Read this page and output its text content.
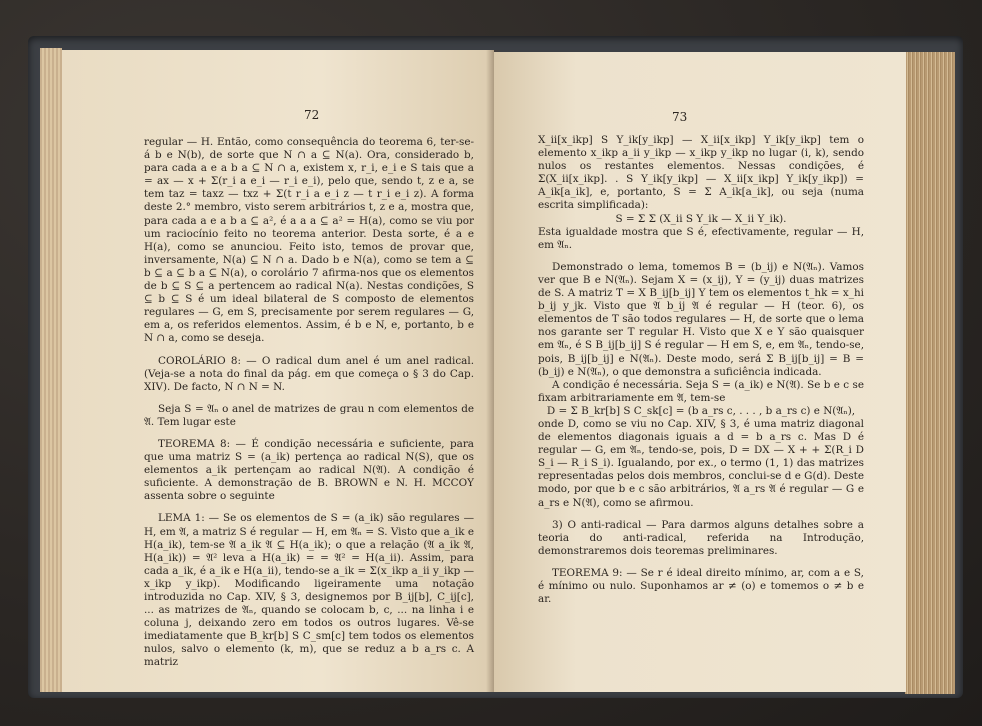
72

regular — H. Então, como consequência do teorema 6, ter-se-á b e N(b), de sorte que N ∩ a ⊆ N(a). Ora, considerado b, para cada a e a b a ⊆ N ∩ a, existem x, r_i, e_i e S tais que a = ax — x + Σ(r_i a e_i — r_i e_i), pelo que, sendo t, z e a, se tem taz = taxz — txz + Σ(t r_i a e_i z — t r_i e_i z). A forma deste 2.° membro, visto serem arbitrários t, z e a, mostra que, para cada a e a b a ⊆ a², é a a a ⊆ a² = H(a), como se viu por um raciocínio feito no teorema anterior. Desta sorte, é a e H(a), como se anunciou. Feito isto, temos de provar que, inversamente, N(a) ⊆ N ∩ a. Dado b e N(a), como se tem a ⊆ b ⊆ a ⊆ b a ⊆ N(a), o corolário 7 afirma-nos que os elementos de b ⊆ S ⊆ a pertencem ao radical N(a). Nestas condições, S ⊆ b ⊆ S é um ideal bilateral de S composto de elementos regulares — G, em S, precisamente por serem regulares — G, em a, os referidos elementos. Assim, é b e N, e, portanto, b e N ∩ a, como se deseja.

COROLÁRIO 8: — O radical dum anel é um anel radical. (Veja-se a nota do final da pág. em que começa o § 3 do Cap. XIV). De facto, N ∩ N = N.

Seja S = 𝔄ₙ o anel de matrizes de grau n com elementos de 𝔄. Tem lugar este

TEOREMA 8: — É condição necessária e suficiente, para que uma matriz S = (a_ik) pertença ao radical N(S), que os elementos a_ik pertençam ao radical N(𝔄). A condição é suficiente. A demonstração de B. BROWN e N. H. MCCOY assenta sobre o seguinte

LEMA 1: — Se os elementos de S = (a_ik) são regulares — H, em 𝔄, a matriz S é regular — H, em 𝔄ₙ = S. Visto que a_ik e H(a_ik), tem-se 𝔄 a_ik 𝔄 ⊆ H(a_ik); o que a relação (𝔄 a_ik 𝔄, H(a_ik)) = 𝔄² leva a H(a_ik) = = 𝔄² = H(a_ii). Assim, para cada a_ik, é a_ik e H(a_ii), tendo-se a_ik = Σ(x_ikp a_ii y_ikp — x_ikp y_ikp). Modificando ligeiramente uma notação introduzida no Cap. XIV, § 3, designemos por B_ij[b], C_ij[c], ... as matrizes de 𝔄ₙ, quando se colocam b, c, ... na linha i e coluna j, deixando zero em todos os outros lugares. Vê-se imediatamente que B_kr[b] S C_sm[c] tem todos os elementos nulos, salvo o elemento (k, m), que se reduz a b a_rs c. A matriz

73

X_ii[x_ikp] S Y_ik[y_ikp] — X_ii[x_ikp] Y_ik[y_ikp] tem o elemento x_ikp a_ii y_ikp — x_ikp y_ikp no lugar (i, k), sendo nulos os restantes elementos. Nessas condições, é Σ(X_ii[x_ikp]. . S Y_ik[y_ikp] — X_ii[x_ikp] Y_ik[y_ikp]) = A_ik[a_ik], e, portanto, S = Σ A_ik[a_ik], ou seja (numa escrita simplificada):

S = Σ Σ (X_ii S Y_ik — X_ii Y_ik).

Esta igualdade mostra que S é, efectivamente, regular — H, em 𝔄ₙ.

Demonstrado o lema, tomemos B = (b_ij) e N(𝔄ₙ). Vamos ver que B e N(𝔄ₙ). Sejam X = (x_ij), Y = (y_ij) duas matrizes de S. A matriz T = X B_ij[b_ij] Y tem os elementos t_hk = x_hi b_ij y_jk. Visto que 𝔄 b_ij 𝔄 é regular — H (teor. 6), os elementos de T são todos regulares — H, de sorte que o lema nos garante ser T regular H. Visto que X e Y são quaisquer em 𝔄ₙ, é S B_ij[b_ij] S é regular — H em S, e, em 𝔄ₙ, tendo-se, pois, B_ij[b_ij] e N(𝔄ₙ). Deste modo, será Σ B_ij[b_ij] = B = (b_ij) e N(𝔄ₙ), o que demonstra a suficiência indicada.

A condição é necessária. Seja S = (a_ik) e N(𝔄). Se b e c se fixam arbitrariamente em 𝔄, tem-se

D = Σ B_kr[b] S C_sk[c] = (b a_rs c, . . . , b a_rs c) e N(𝔄ₙ),

onde D, como se viu no Cap. XIV, § 3, é uma matriz diagonal de elementos diagonais iguais a d = b a_rs c. Mas D é regular — G, em 𝔄ₙ, tendo-se, pois, D = DX — X + + Σ(R_i D S_i — R_i S_i). Igualando, por ex., o termo (1, 1) das matrizes representadas pelos dois membros, conclui-se d e G(d). Deste modo, por que b e c são arbitrários, 𝔄 a_rs 𝔄 é regular — G e a_rs e N(𝔄), como se afirmou.

3) O anti-radical — Para darmos alguns detalhes sobre a teoria do anti-radical, referida na Introdução, demonstraremos dois teoremas preliminares.

TEOREMA 9: — Se r é ideal direito mínimo, ar, com a e S, é mínimo ou nulo. Suponhamos ar ≠ (o) e tomemos o ≠ b e ar.
